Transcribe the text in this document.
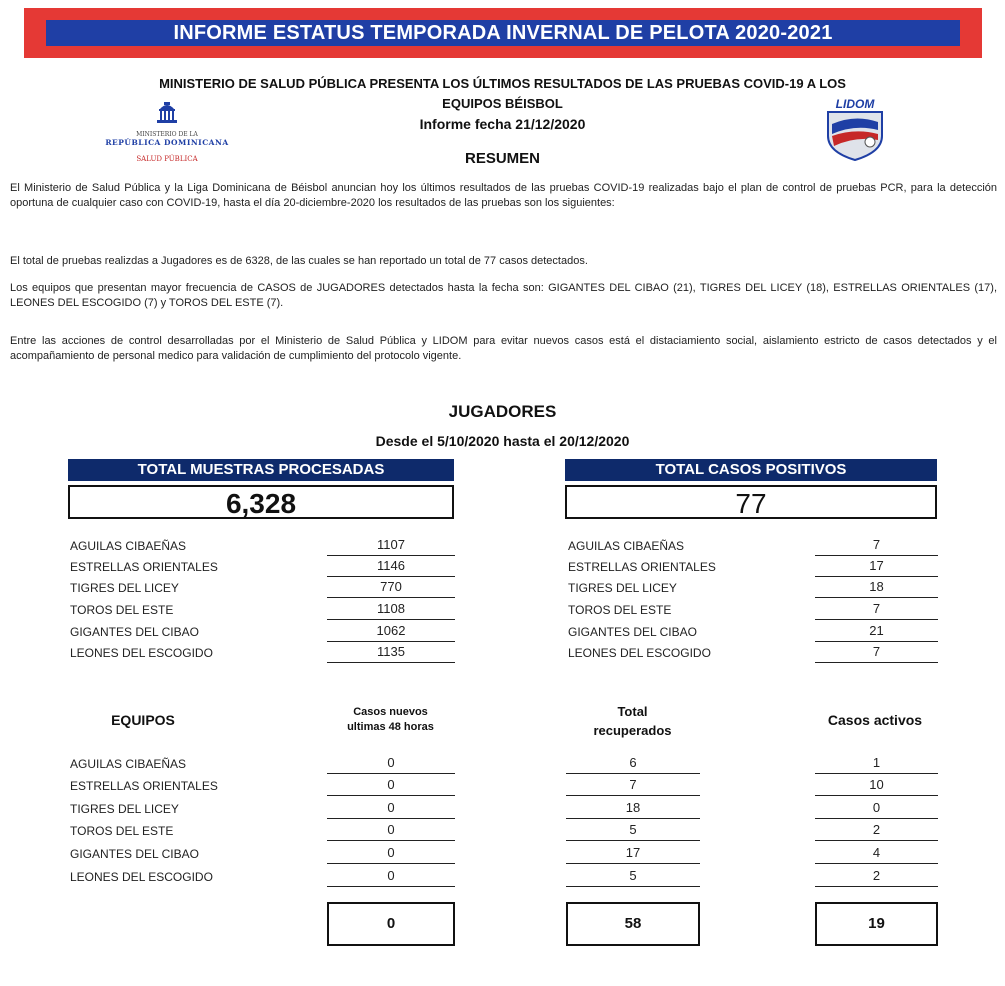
INFORME ESTATUS TEMPORADA INVERNAL DE PELOTA 2020-2021
MINISTERIO DE SALUD PÚBLICA PRESENTA LOS ÚLTIMOS RESULTADOS DE LAS PRUEBAS COVID-19 A LOS
EQUIPOS BÉISBOL
Informe fecha 21/12/2020
RESUMEN
MINISTERIO DE LA
REPÚBLICA DOMINICANA
SALUD PÚBLICA
LIDOM
El Ministerio de Salud Pública y la Liga Dominicana de Béisbol anuncian hoy los últimos resultados de las pruebas COVID-19 realizadas bajo el plan de control de pruebas PCR, para la detección oportuna de cualquier caso con COVID-19, hasta el día 20-diciembre-2020 los resultados de las pruebas son los siguientes:
El total de pruebas realizdas a Jugadores es de 6328, de las cuales se han reportado un total de 77 casos detectados.
Los equipos que presentan mayor frecuencia de CASOS de JUGADORES detectados hasta la fecha son: GIGANTES DEL CIBAO (21), TIGRES DEL LICEY (18), ESTRELLAS ORIENTALES (17), LEONES DEL ESCOGIDO (7) y TOROS DEL ESTE (7).
Entre las acciones de control desarrolladas por el Ministerio de Salud Pública y LIDOM para evitar nuevos casos está el distaciamiento social, aislamiento estricto de casos detectados y el acompañamiento de personal medico para validación de cumplimiento del protocolo vigente.
JUGADORES
Desde el 5/10/2020 hasta el 20/12/2020
TOTAL MUESTRAS PROCESADAS
6,328
TOTAL CASOS POSITIVOS
77
AGUILAS CIBAEÑAS	1107
ESTRELLAS ORIENTALES	1146
TIGRES DEL LICEY	770
TOROS DEL ESTE	1108
GIGANTES DEL CIBAO	1062
LEONES DEL ESCOGIDO	1135
AGUILAS CIBAEÑAS	7
ESTRELLAS ORIENTALES	17
TIGRES DEL LICEY	18
TOROS DEL ESTE	7
GIGANTES DEL CIBAO	21
LEONES DEL ESCOGIDO	7
EQUIPOS	Casos nuevos
ultimas 48 horas
Total
recuperados
Casos activos
AGUILAS CIBAEÑAS	0	6	1
ESTRELLAS ORIENTALES	0	7	10
TIGRES DEL LICEY	0	18	0
TOROS DEL ESTE	0	5	2
GIGANTES DEL CIBAO	0	17	4
LEONES DEL ESCOGIDO	0	5	2
0	58	19
